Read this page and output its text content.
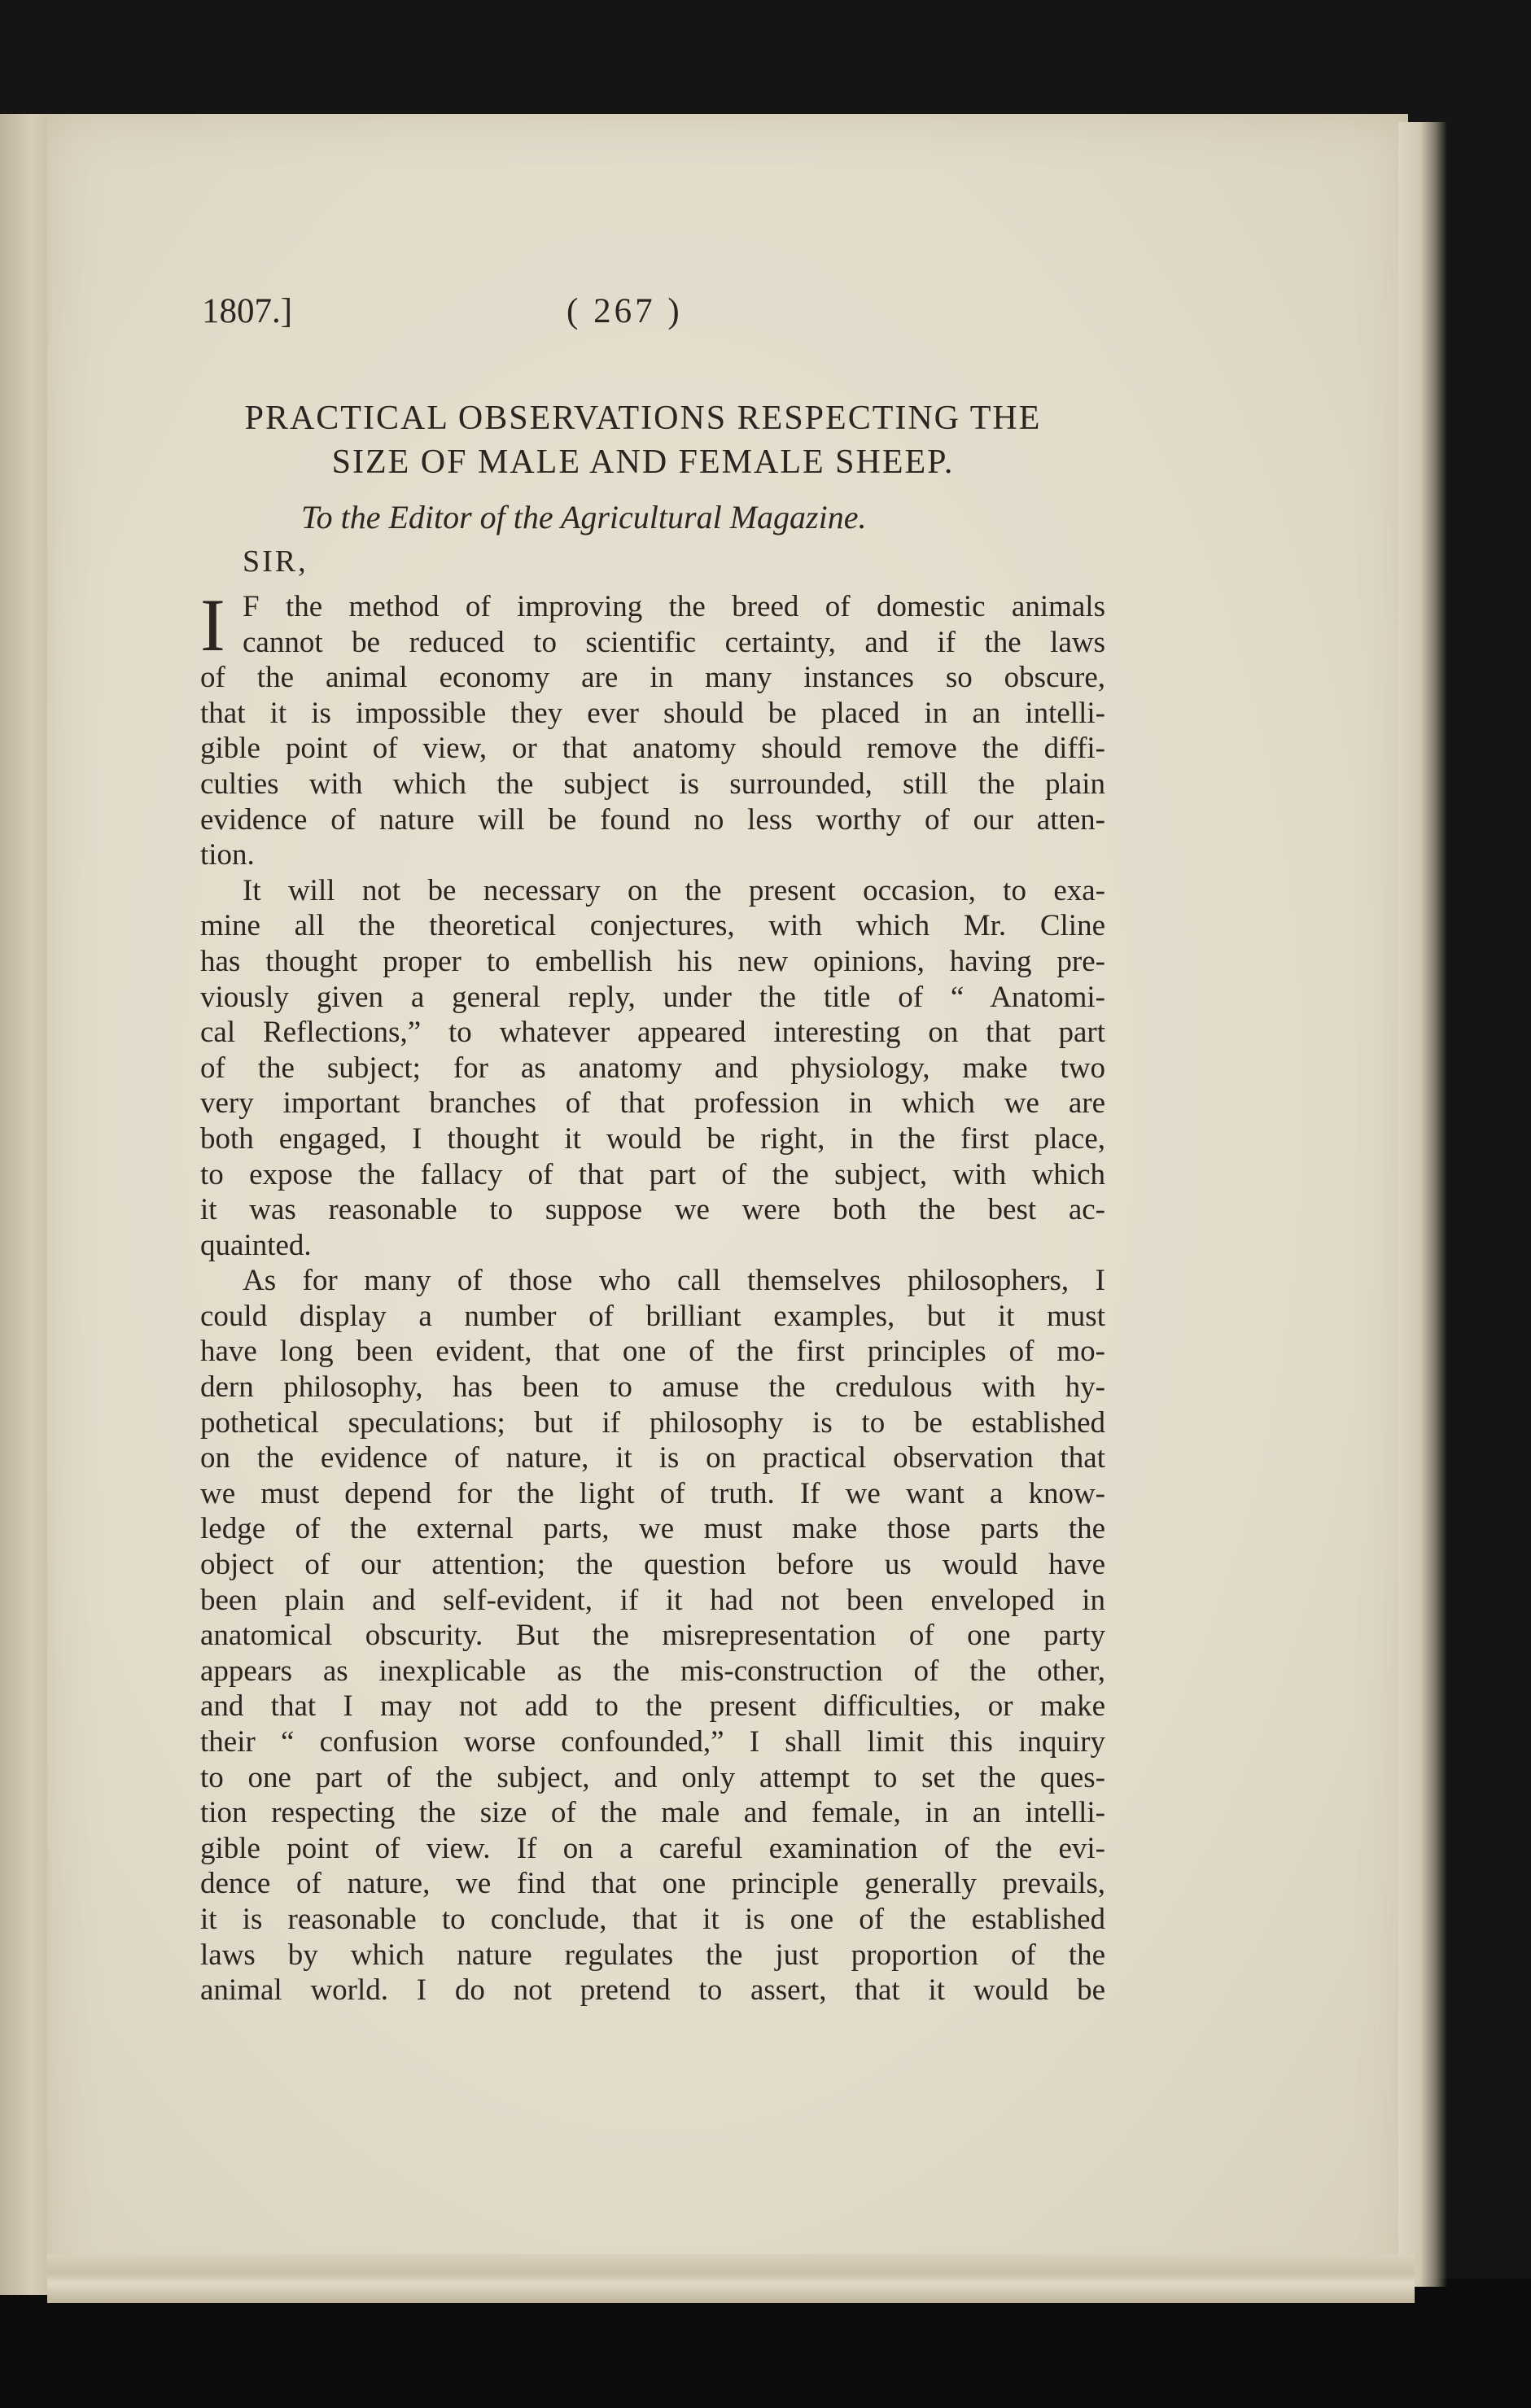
1807.]	( 267 )
PRACTICAL OBSERVATIONS RESPECTING THE
SIZE OF MALE AND FEMALE SHEEP.
To the Editor of the Agricultural Magazine.
SIR,
I F the method of improving the breed of domestic animals
cannot be reduced to scientific certainty, and if the laws
of the animal economy are in many instances so obscure,
that it is impossible they ever should be placed in an intelli-
gible point of view, or that anatomy should remove the diffi-
culties with which the subject is surrounded, still the plain
evidence of nature will be found no less worthy of our atten-
tion.
It will not be necessary on the present occasion, to exa-
mine all the theoretical conjectures, with which Mr. Cline
has thought proper to embellish his new opinions, having pre-
viously given a general reply, under the title of “ Anatomi-
cal Reflections,” to whatever appeared interesting on that part
of the subject; for as anatomy and physiology, make two
very important branches of that profession in which we are
both engaged, I thought it would be right, in the first place,
to expose the fallacy of that part of the subject, with which
it was reasonable to suppose we were both the best ac-
quainted.
As for many of those who call themselves philosophers, I
could display a number of brilliant examples, but it must
have long been evident, that one of the first principles of mo-
dern philosophy, has been to amuse the credulous with hy-
pothetical speculations; but if philosophy is to be established
on the evidence of nature, it is on practical observation that
we must depend for the light of truth. If we want a know-
ledge of the external parts, we must make those parts the
object of our attention; the question before us would have
been plain and self-evident, if it had not been enveloped in
anatomical obscurity. But the misrepresentation of one party
appears as inexplicable as the mis-construction of the other,
and that I may not add to the present difficulties, or make
their “ confusion worse confounded,” I shall limit this inquiry
to one part of the subject, and only attempt to set the ques-
tion respecting the size of the male and female, in an intelli-
gible point of view. If on a careful examination of the evi-
dence of nature, we find that one principle generally prevails,
it is reasonable to conclude, that it is one of the established
laws by which nature regulates the just proportion of the
animal world. I do not pretend to assert, that it would be
